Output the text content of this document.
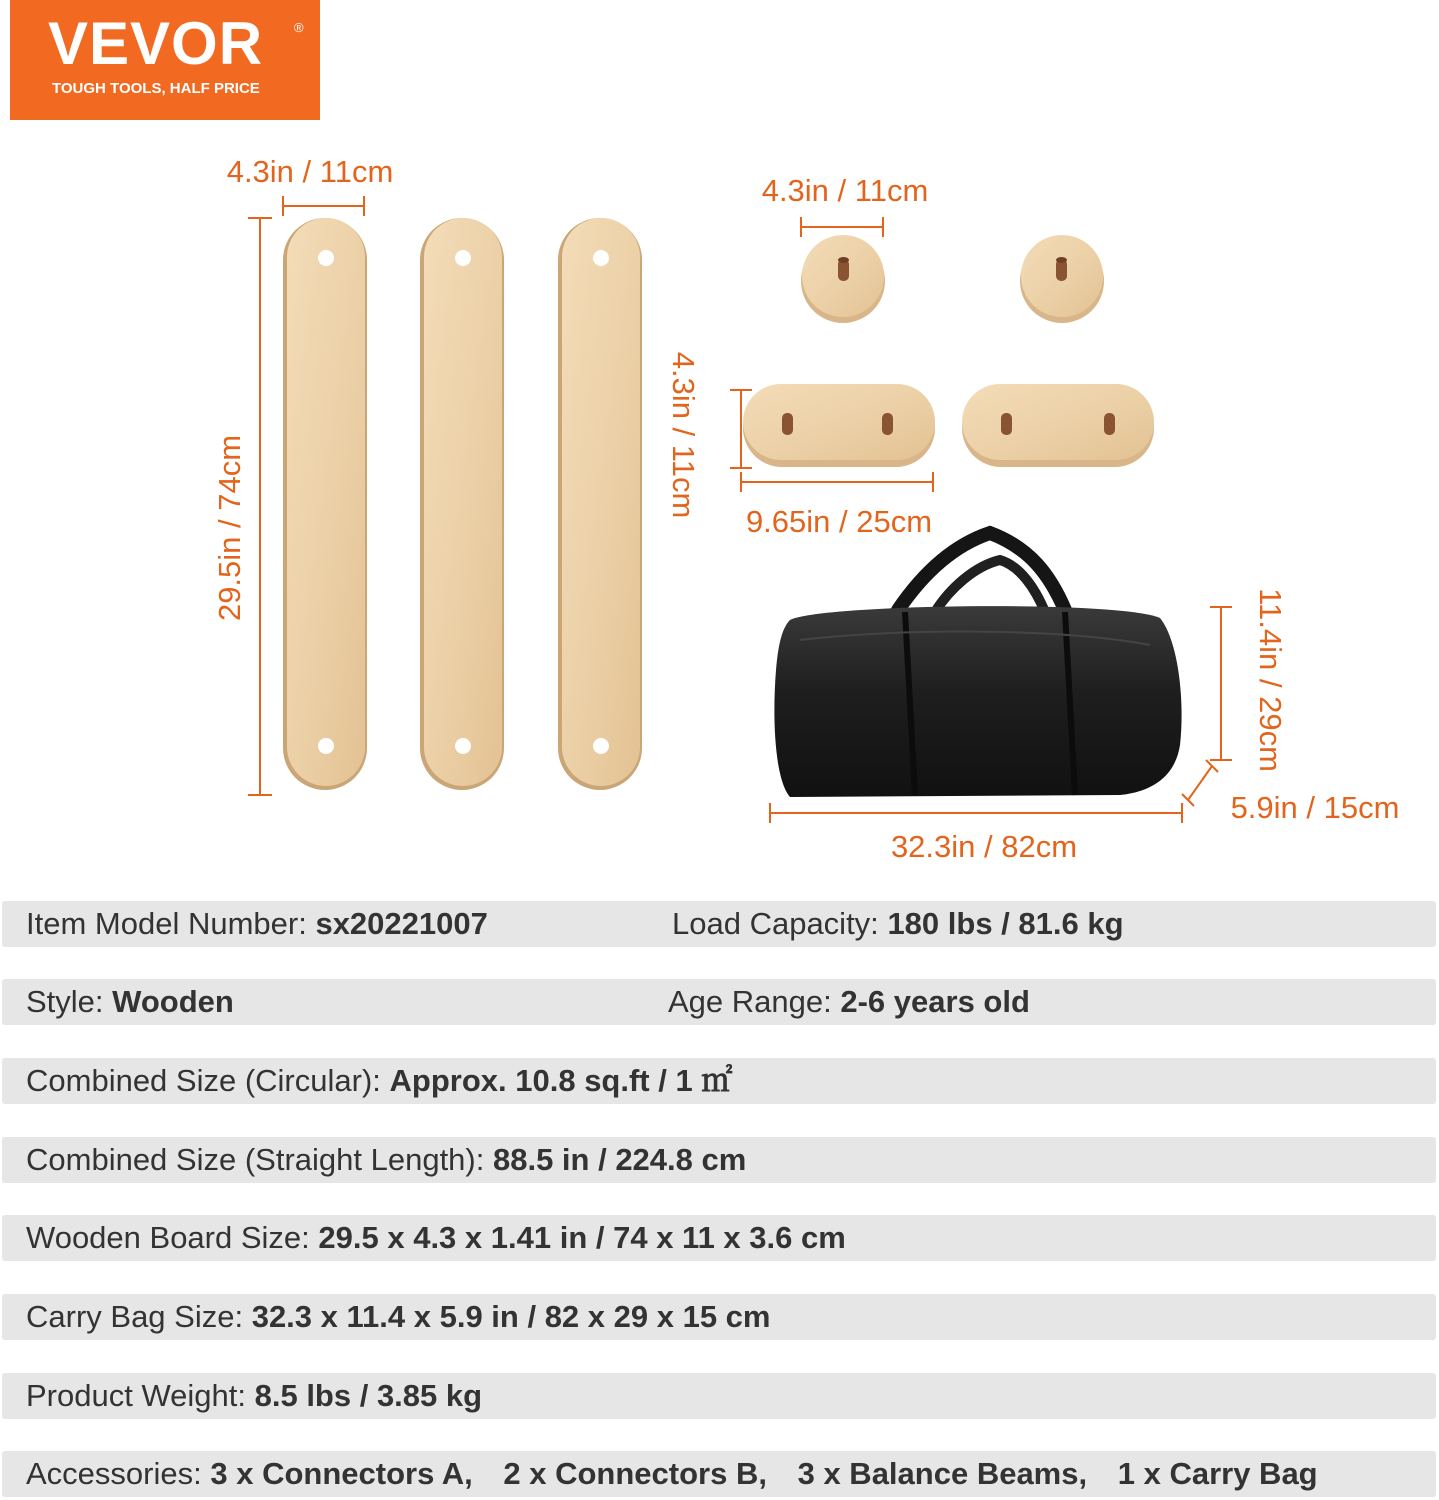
VEVOR ®
TOUGH TOOLS, HALF PRICE
4.3in / 11cm
29.5in / 74cm
4.3in / 11cm
4.3in / 11cm
9.65in / 25cm
11.4in / 29cm
5.9in / 15cm
32.3in / 82cm
Item Model Number: sx20221007	Load Capacity: 180 lbs / 81.6 kg
Style: Wooden	Age Range: 2-6 years old
Combined Size (Circular): Approx. 10.8 sq.ft / 1 ㎡
Combined Size (Straight Length): 88.5 in / 224.8 cm
Wooden Board Size: 29.5 x 4.3 x 1.41 in / 74 x 11 x 3.6 cm
Carry Bag Size: 32.3 x 11.4 x 5.9 in / 82 x 29 x 15 cm
Product Weight: 8.5 lbs / 3.85 kg
Accessories: 3 x Connectors A, 2 x Connectors B, 3 x Balance Beams, 1 x Carry Bag
